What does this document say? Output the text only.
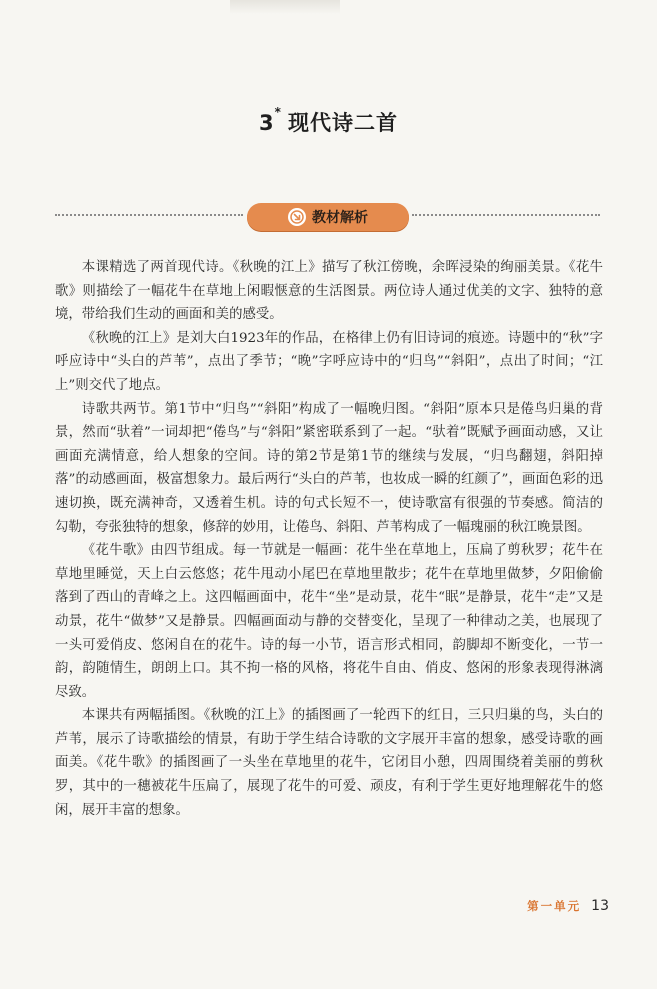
3* 现代诗二首
教材解析

本课精选了两首现代诗。《秋晚的江上》描写了秋江傍晚，余晖浸染的绚丽美景。《花牛歌》则描绘了一幅花牛在草地上闲暇惬意的生活图景。两位诗人通过优美的文字、独特的意境，带给我们生动的画面和美的感受。

《秋晚的江上》是刘大白1923年的作品，在格律上仍有旧诗词的痕迹。诗题中的“秋”字呼应诗中“头白的芦苇”，点出了季节；“晚”字呼应诗中的“归鸟”“斜阳”，点出了时间；“江上”则交代了地点。

诗歌共两节。第1节中“归鸟”“斜阳”构成了一幅晚归图。“斜阳”原本只是倦鸟归巢的背景，然而“驮着”一词却把“倦鸟”与“斜阳”紧密联系到了一起。“驮着”既赋予画面动感，又让画面充满情意，给人想象的空间。诗的第2节是第1节的继续与发展，“归鸟翻翅，斜阳掉落”的动感画面，极富想象力。最后两行“头白的芦苇，也妆成一瞬的红颜了”，画面色彩的迅速切换，既充满神奇，又透着生机。诗的句式长短不一，使诗歌富有很强的节奏感。简洁的勾勒，夸张独特的想象，修辞的妙用，让倦鸟、斜阳、芦苇构成了一幅瑰丽的秋江晚景图。

《花牛歌》由四节组成。每一节就是一幅画：花牛坐在草地上，压扁了剪秋罗；花牛在草地里睡觉，天上白云悠悠；花牛甩动小尾巴在草地里散步；花牛在草地里做梦，夕阳偷偷落到了西山的青峰之上。这四幅画面中，花牛“坐”是动景，花牛“眠”是静景，花牛“走”又是动景，花牛“做梦”又是静景。四幅画面动与静的交替变化，呈现了一种律动之美，也展现了一头可爱俏皮、悠闲自在的花牛。诗的每一小节，语言形式相同，韵脚却不断变化，一节一韵，韵随情生，朗朗上口。其不拘一格的风格，将花牛自由、俏皮、悠闲的形象表现得淋漓尽致。

本课共有两幅插图。《秋晚的江上》的插图画了一轮西下的红日，三只归巢的鸟，头白的芦苇，展示了诗歌描绘的情景，有助于学生结合诗歌的文字展开丰富的想象，感受诗歌的画面美。《花牛歌》的插图画了一头坐在草地里的花牛，它闭目小憩，四周围绕着美丽的剪秋罗，其中的一穗被花牛压扁了，展现了花牛的可爱、顽皮，有利于学生更好地理解花牛的悠闲，展开丰富的想象。

第一单元 13
